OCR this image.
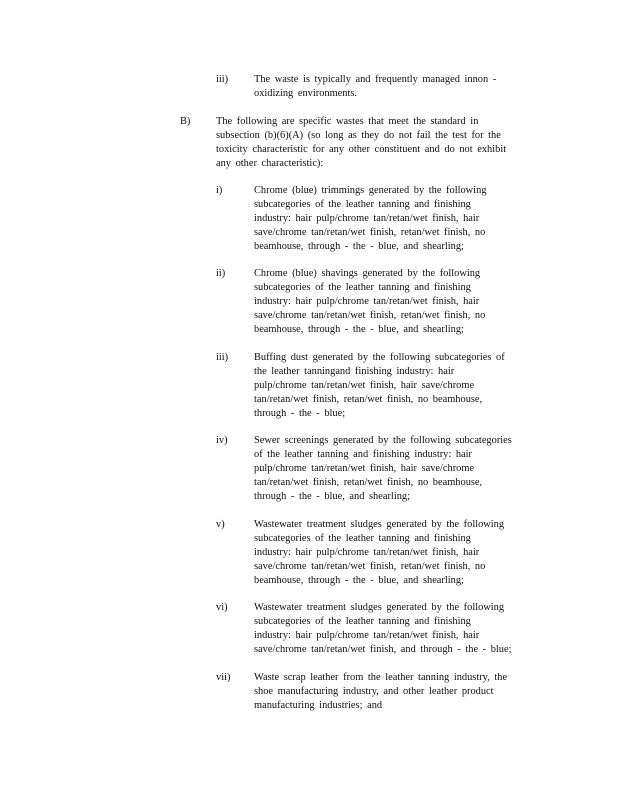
iii) The waste is typically and frequently managed innon -
oxidizing environments.
B) The following are specific wastes that meet the standard in
subsection (b)(6)(A) (so long as they do not fail the test for the
toxicity characteristic for any other constituent and do not exhibit
any other characteristic):
i)	Chrome (blue) trimmings generated by the following
subcategories of the leather tanning and finishing
industry: hair pulp/chrome tan/retan/wet finish, hair
save/chrome tan/retan/wet finish, retan/wet finish, no
beamhouse, through - the - blue, and shearling;
ii)	Chrome (blue) shavings generated by the following
subcategories of the leather tanning and finishing
industry: hair pulp/chrome tan/retan/wet finish, hair
save/chrome tan/retan/wet finish, retan/wet finish, no
beamhouse, through - the - blue, and shearling;
iii) Buffing dust generated by the following subcategories of
the leather tanningand finishing industry: hair
pulp/chrome tan/retan/wet finish, hair save/chrome
tan/retan/wet finish, retan/wet finish, no beamhouse,
through - the - blue;
iv)	Sewer screenings generated by the following subcategories
of the leather tanning and finishing industry: hair
pulp/chrome tan/retan/wet finish, hair save/chrome
tan/retan/wet finish, retan/wet finish, no beamhouse,
through - the - blue, and shearling;
v)	Wastewater treatment sludges generated by the following
subcategories of the leather tanning and finishing
industry: hair pulp/chrome tan/retan/wet finish, hair
save/chrome tan/retan/wet finish, retan/wet finish, no
beamhouse, through - the - blue, and shearling;
vi)	Wastewater treatment sludges generated by the following
subcategories of the leather tanning and finishing
industry: hair pulp/chrome tan/retan/wet finish, hair
save/chrome tan/retan/wet finish, and through - the - blue;
vii) Waste scrap leather from the leather tanning industry, the
shoe manufacturing industry, and other leather product
manufacturing industries; and
